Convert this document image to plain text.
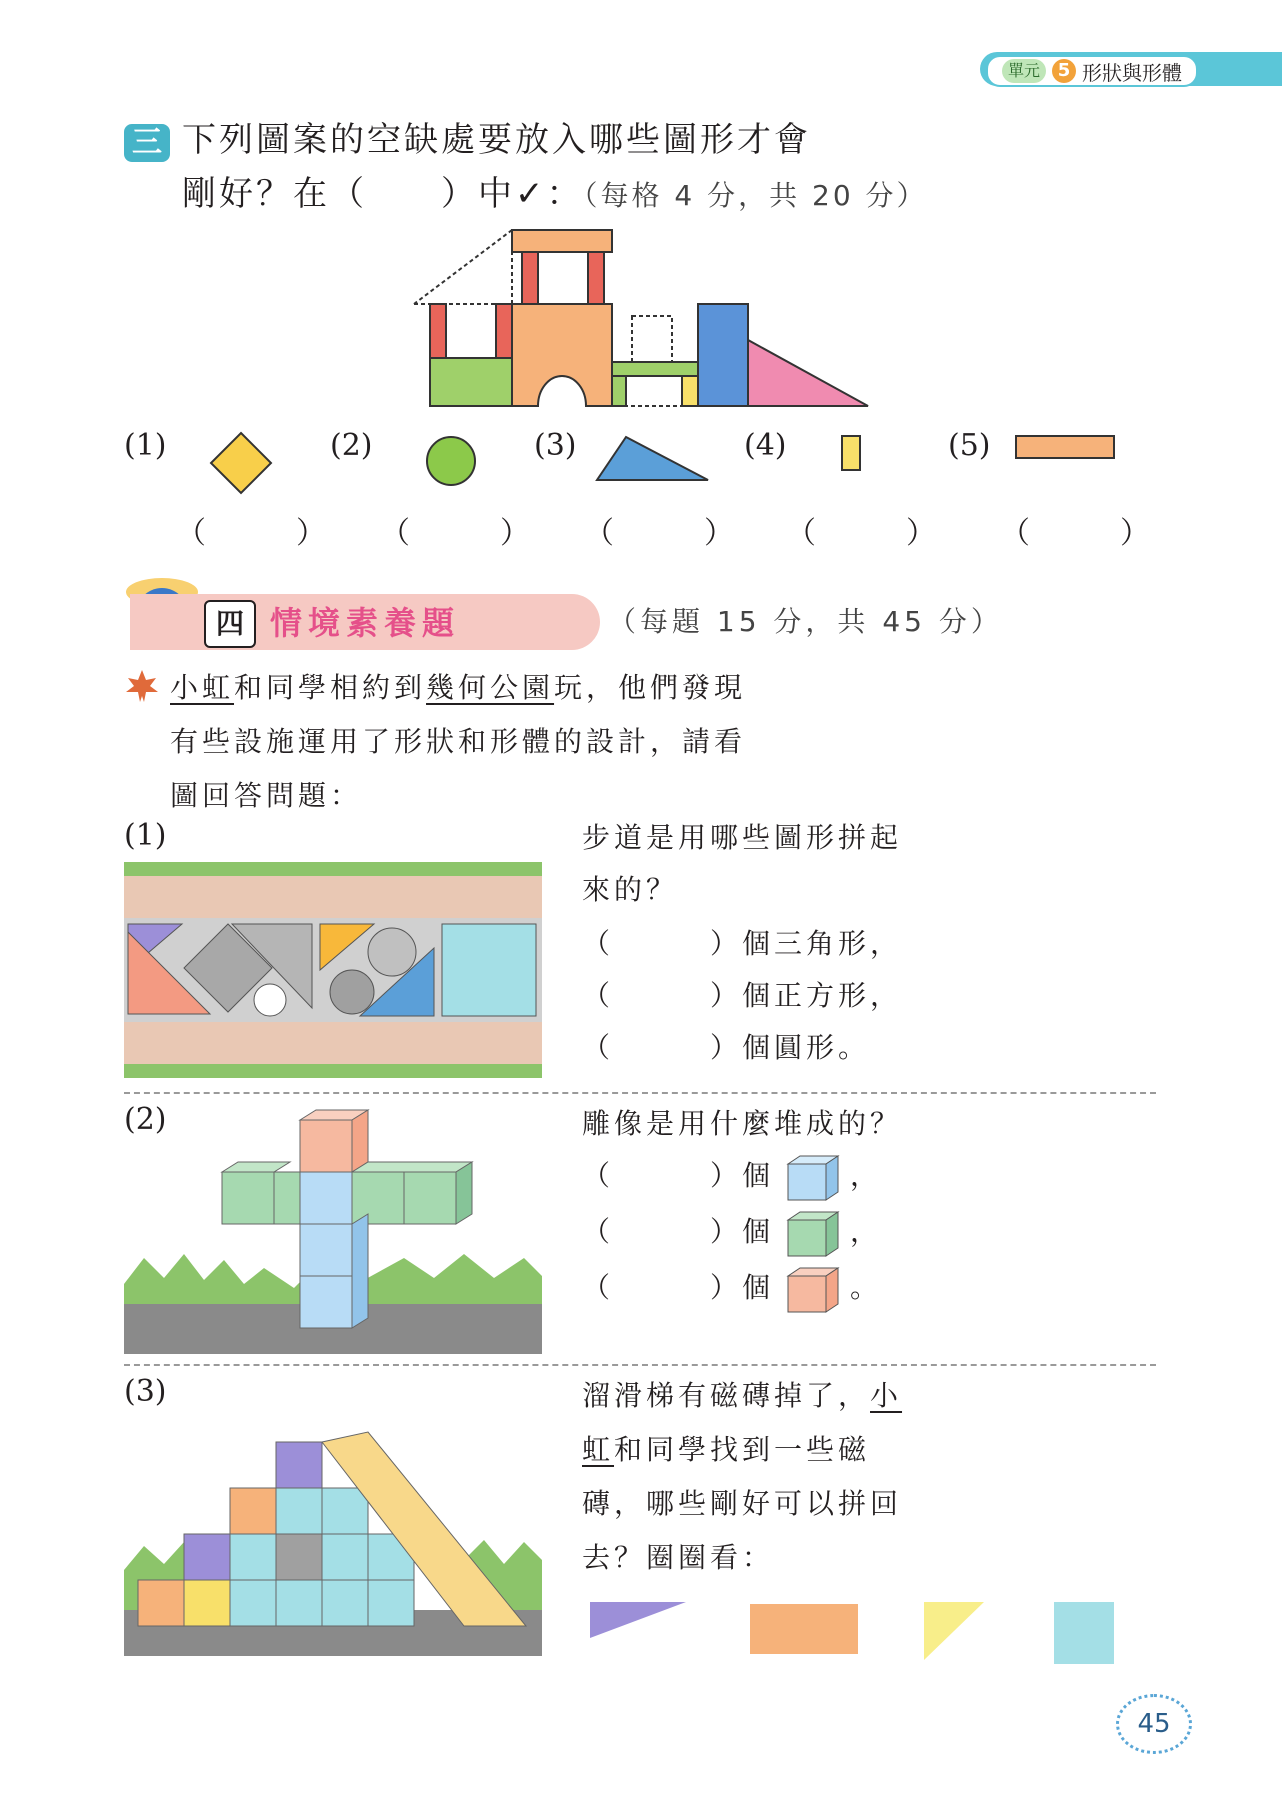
單元 5 形狀與形體
三 下列圖案的空缺處要放入哪些圖形才會
剛好？在（　　）中✓：（每格 4 分，共 20 分）
(1)	(2)	(3)	(4)	(5)
（　　　） （　　　） （　　　） （　　　） （　　　）
四 情境素養題	（每題 15 分，共 45 分）
小虹和同學相約到幾何公園玩，他們發現
有些設施運用了形狀和形體的設計，請看
圖回答問題：
(1)	步道是用哪些圖形拼起
來的？
（　　　）個三角形，
（　　　）個正方形，
（　　　）個圓形。
(2)	雕像是用什麼堆成的？
（　　　）個	，
（　　　）個	，
（　　　）個	。
(3)	溜滑梯有磁磚掉了，小
虹和同學找到一些磁
磚，哪些剛好可以拼回
去？圈圈看：
45
